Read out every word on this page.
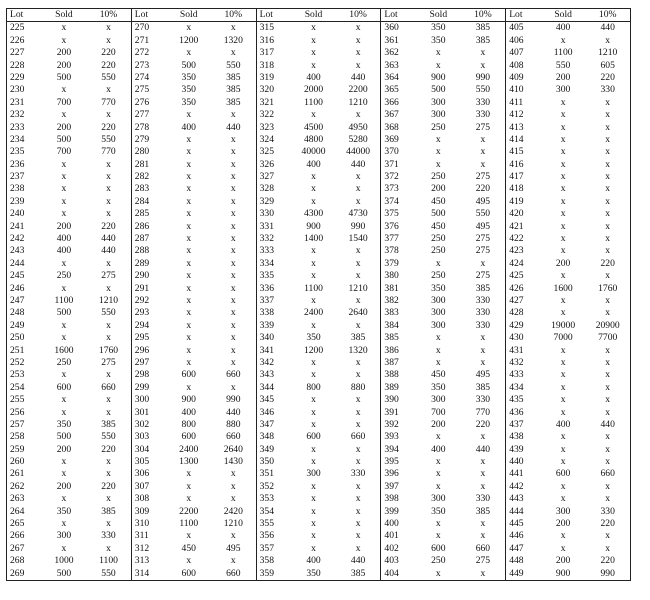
Lot	Sold	10%
225	x	x
226	x	x
227	200	220
228	200	220
229	500	550
230	x	x
231	700	770
232	x	x
233	200	220
234	500	550
235	700	770
236	x	x
237	x	x
238	x	x
239	x	x
240	x	x
241	200	220
242	400	440
243	400	440
244	x	x
245	250	275
246	x	x
247	1100	1210
248	500	550
249	x	x
250	x	x
251	1600	1760
252	250	275
253	x	x
254	600	660
255	x	x
256	x	x
257	350	385
258	500	550
259	200	220
260	x	x
261	x	x
262	200	220
263	x	x
264	350	385
265	x	x
266	300	330
267	x	x
268	1000	1100
269	500	550
Lot	Sold	10%
270	x	x
271	1200	1320
272	x	x
273	500	550
274	350	385
275	350	385
276	350	385
277	x	x
278	400	440
279	x	x
280	x	x
281	x	x
282	x	x
283	x	x
284	x	x
285	x	x
286	x	x
287	x	x
288	x	x
289	x	x
290	x	x
291	x	x
292	x	x
293	x	x
294	x	x
295	x	x
296	x	x
297	x	x
298	600	660
299	x	x
300	900	990
301	400	440
302	800	880
303	600	660
304	2400	2640
305	1300	1430
306	x	x
307	x	x
308	x	x
309	2200	2420
310	1100	1210
311	x	x
312	450	495
313	x	x
314	600	660
Lot	Sold	10%
315	x	x
316	x	x
317	x	x
318	x	x
319	400	440
320	2000	2200
321	1100	1210
322	x	x
323	4500	4950
324	4800	5280
325	40000	44000
326	400	440
327	x	x
328	x	x
329	x	x
330	4300	4730
331	900	990
332	1400	1540
333	x	x
334	x	x
335	x	x
336	1100	1210
337	x	x
338	2400	2640
339	x	x
340	350	385
341	1200	1320
342	x	x
343	x	x
344	800	880
345	x	x
346	x	x
347	x	x
348	600	660
349	x	x
350	x	x
351	300	330
352	x	x
353	x	x
354	x	x
355	x	x
356	x	x
357	x	x
358	400	440
359	350	385
Lot	Sold	10%
360	350	385
361	350	385
362	x	x
363	x	x
364	900	990
365	500	550
366	300	330
367	300	330
368	250	275
369	x	x
370	x	x
371	x	x
372	250	275
373	200	220
374	450	495
375	500	550
376	450	495
377	250	275
378	250	275
379	x	x
380	250	275
381	350	385
382	300	330
383	300	330
384	300	330
385	x	x
386	x	x
387	x	x
388	450	495
389	350	385
390	300	330
391	700	770
392	200	220
393	x	x
394	400	440
395	x	x
396	x	x
397	x	x
398	300	330
399	350	385
400	x	x
401	x	x
402	600	660
403	250	275
404	x	x
Lot	Sold	10%
405	400	440
406	x	x
407	1100	1210
408	550	605
409	200	220
410	300	330
411	x	x
412	x	x
413	x	x
414	x	x
415	x	x
416	x	x
417	x	x
418	x	x
419	x	x
420	x	x
421	x	x
422	x	x
423	x	x
424	200	220
425	x	x
426	1600	1760
427	x	x
428	x	x
429	19000	20900
430	7000	7700
431	x	x
432	x	x
433	x	x
434	x	x
435	x	x
436	x	x
437	400	440
438	x	x
439	x	x
440	x	x
441	600	660
442	x	x
443	x	x
444	300	330
445	200	220
446	x	x
447	x	x
448	200	220
449	900	990
